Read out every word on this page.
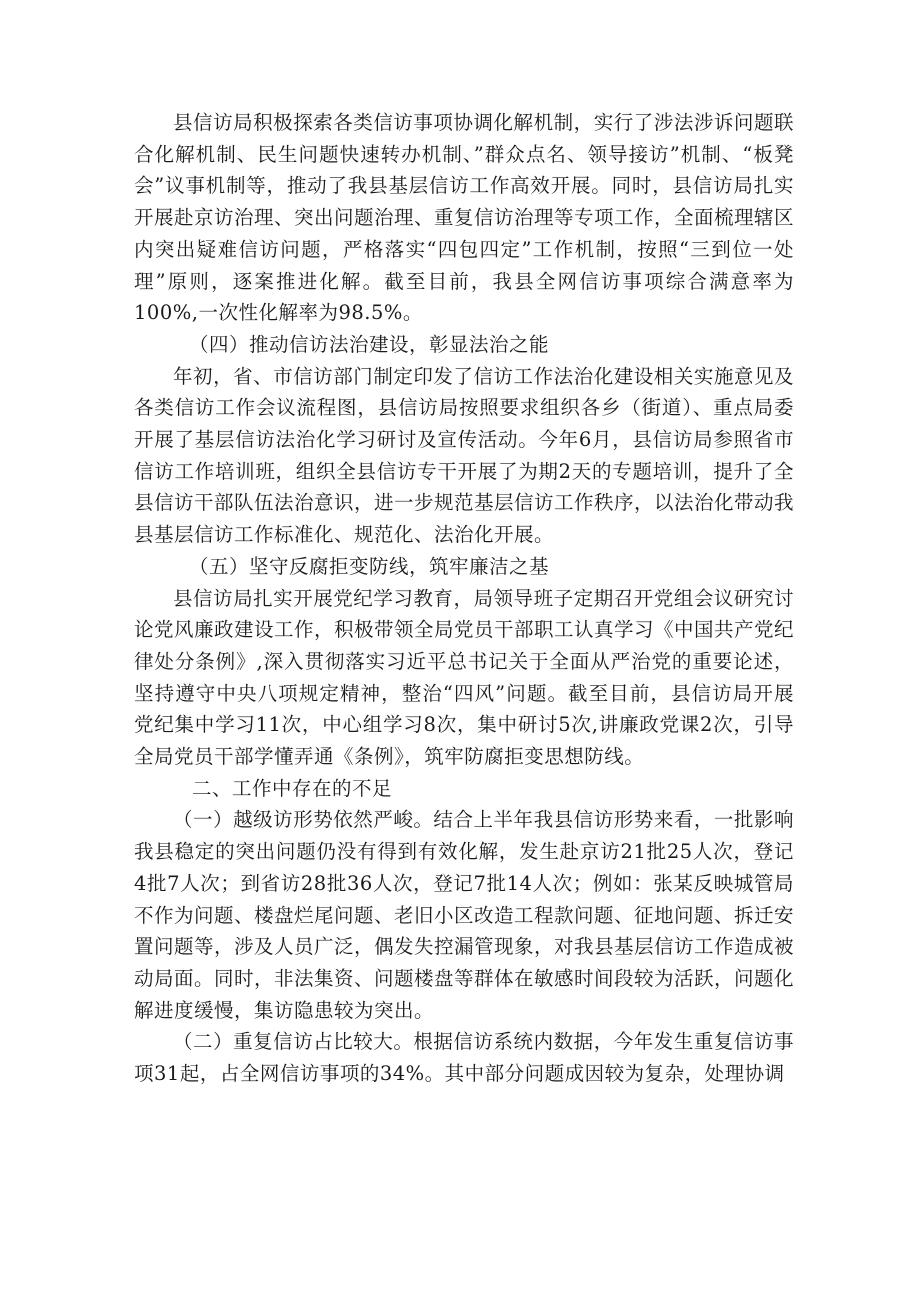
县信访局积极探索各类信访事项协调化解机制，实行了涉法涉诉问题联合化解机制、民生问题快速转办机制、”群众点名、领导接访”机制、“板凳会”议事机制等，推动了我县基层信访工作高效开展。同时，县信访局扎实开展赴京访治理、突出问题治理、重复信访治理等专项工作，全面梳理辖区内突出疑难信访问题，严格落实“四包四定”工作机制，按照“三到位一处理”原则，逐案推进化解。截至目前，我县全网信访事项综合满意率为100%,一次性化解率为98.5%。

（四）推动信访法治建设，彰显法治之能

年初，省、市信访部门制定印发了信访工作法治化建设相关实施意见及各类信访工作会议流程图，县信访局按照要求组织各乡（街道）、重点局委开展了基层信访法治化学习研讨及宣传活动。今年6月，县信访局参照省市信访工作培训班，组织全县信访专干开展了为期2天的专题培训，提升了全县信访干部队伍法治意识，进一步规范基层信访工作秩序，以法治化带动我县基层信访工作标准化、规范化、法治化开展。

（五）坚守反腐拒变防线，筑牢廉洁之基

县信访局扎实开展党纪学习教育，局领导班子定期召开党组会议研究讨论党风廉政建设工作，积极带领全局党员干部职工认真学习《中国共产党纪律处分条例》,深入贯彻落实习近平总书记关于全面从严治党的重要论述，坚持遵守中央八项规定精神，整治“四风”问题。截至目前，县信访局开展党纪集中学习11次，中心组学习8次，集中研讨5次,讲廉政党课2次，引导全局党员干部学懂弄通《条例》，筑牢防腐拒变思想防线。

二、工作中存在的不足

（一）越级访形势依然严峻。结合上半年我县信访形势来看，一批影响我县稳定的突出问题仍没有得到有效化解，发生赴京访21批25人次，登记4批7人次；到省访28批36人次，登记7批14人次；例如：张某反映城管局不作为问题、楼盘烂尾问题、老旧小区改造工程款问题、征地问题、拆迁安置问题等，涉及人员广泛，偶发失控漏管现象，对我县基层信访工作造成被动局面。同时，非法集资、问题楼盘等群体在敏感时间段较为活跃，问题化解进度缓慢，集访隐患较为突出。

（二）重复信访占比较大。根据信访系统内数据，今年发生重复信访事项31起，占全网信访事项的34%。其中部分问题成因较为复杂，处理协调
